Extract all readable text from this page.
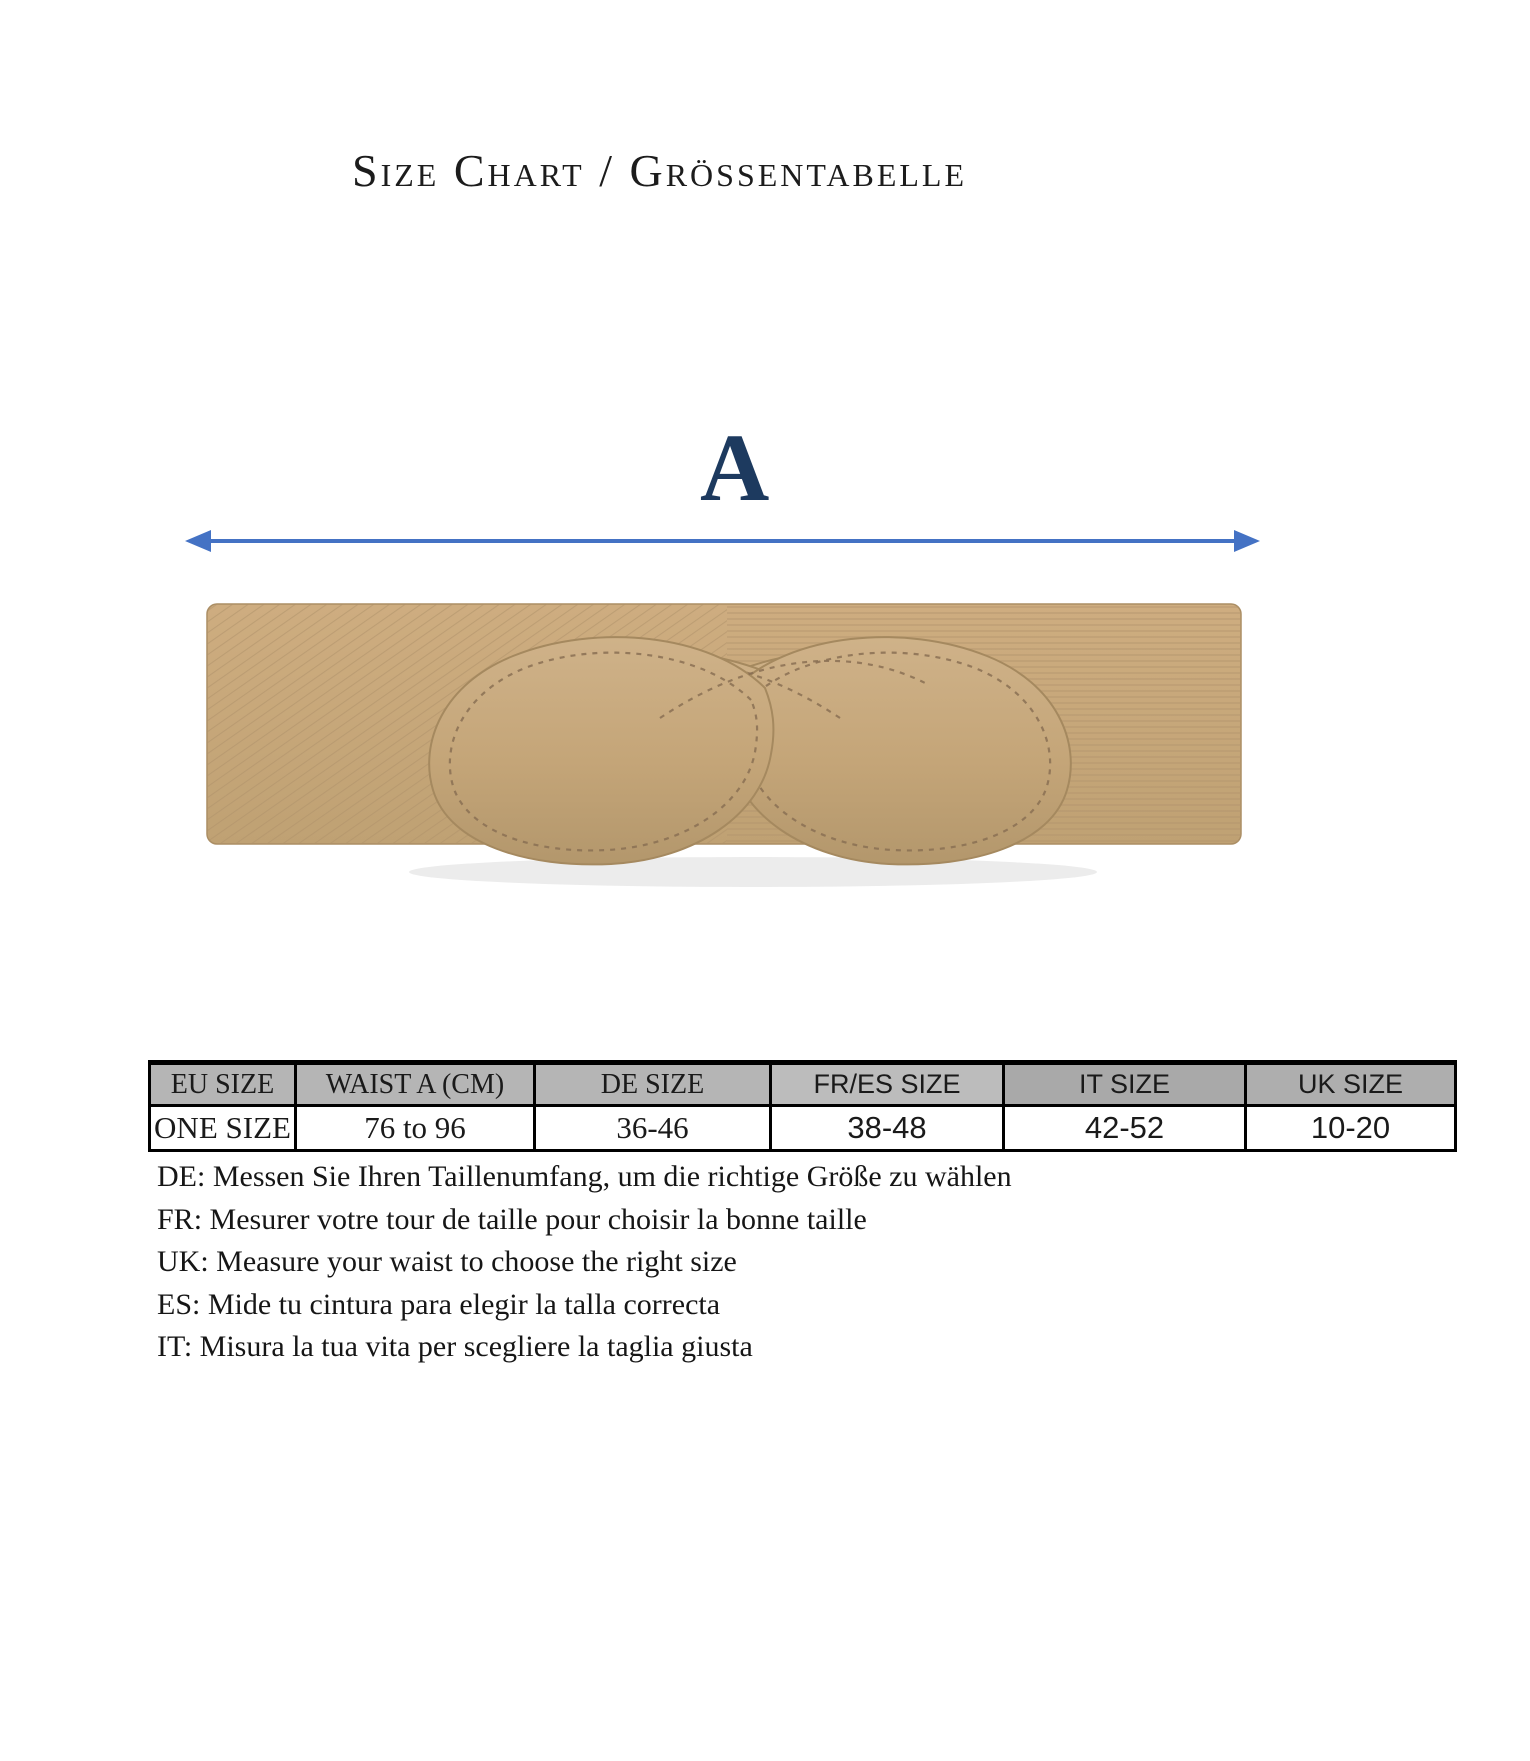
Size Chart / Grössentabelle
A
EU SIZE	WAIST A (CM)	DE SIZE	FR/ES SIZE	IT SIZE	UK SIZE
ONE SIZE	76 to 96	36-46	38-48	42-52	10-20
DE: Messen Sie Ihren Taillenumfang, um die richtige Größe zu wählen
FR: Mesurer votre tour de taille pour choisir la bonne taille
UK: Measure your waist to choose the right size
ES: Mide tu cintura para elegir la talla correcta
IT: Misura la tua vita per scegliere la taglia giusta
